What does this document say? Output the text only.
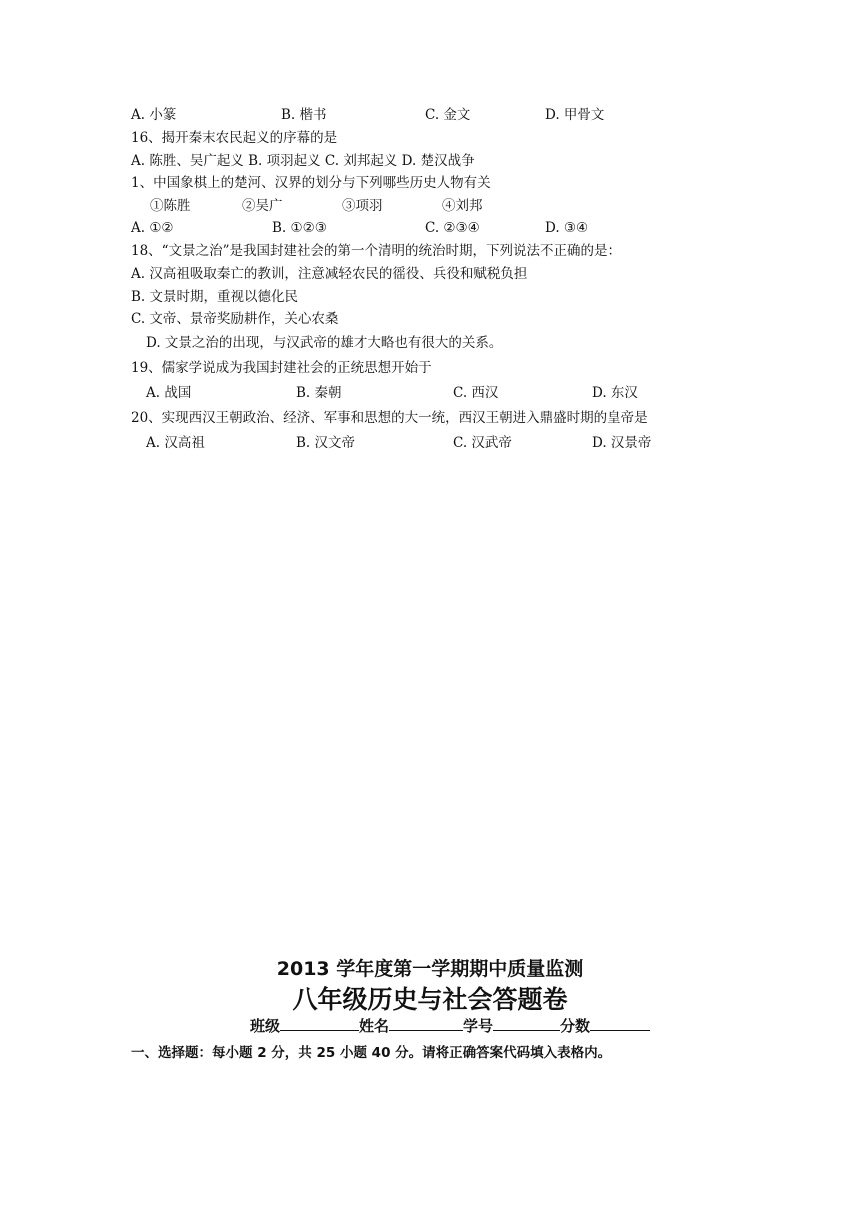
A. 小篆	B. 楷书	C. 金文	D. 甲骨文
16、揭开秦末农民起义的序幕的是
A. 陈胜、吴广起义 B. 项羽起义 C. 刘邦起义 D. 楚汉战争
1、中国象棋上的楚河、汉界的划分与下列哪些历史人物有关
①陈胜	②吴广	③项羽	④刘邦
A. ①②	B. ①②③	C. ②③④	D. ③④
18、“文景之治”是我国封建社会的第一个清明的统治时期，下列说法不正确的是：
A. 汉高祖吸取秦亡的教训，注意减轻农民的徭役、兵役和赋税负担
B. 文景时期，重视以德化民
C. 文帝、景帝奖励耕作，关心农桑
D. 文景之治的出现，与汉武帝的雄才大略也有很大的关系。
19、儒家学说成为我国封建社会的正统思想开始于
A. 战国	B. 秦朝	C. 西汉	D. 东汉
20、实现西汉王朝政治、经济、军事和思想的大一统，西汉王朝进入鼎盛时期的皇帝是
A. 汉高祖	B. 汉文帝	C. 汉武帝	D. 汉景帝
2013 学年度第一学期期中质量监测
八年级历史与社会答题卷
班级	姓名	学号	分数
一、选择题：每小题 2 分，共 25 小题 40 分。请将正确答案代码填入表格内。
